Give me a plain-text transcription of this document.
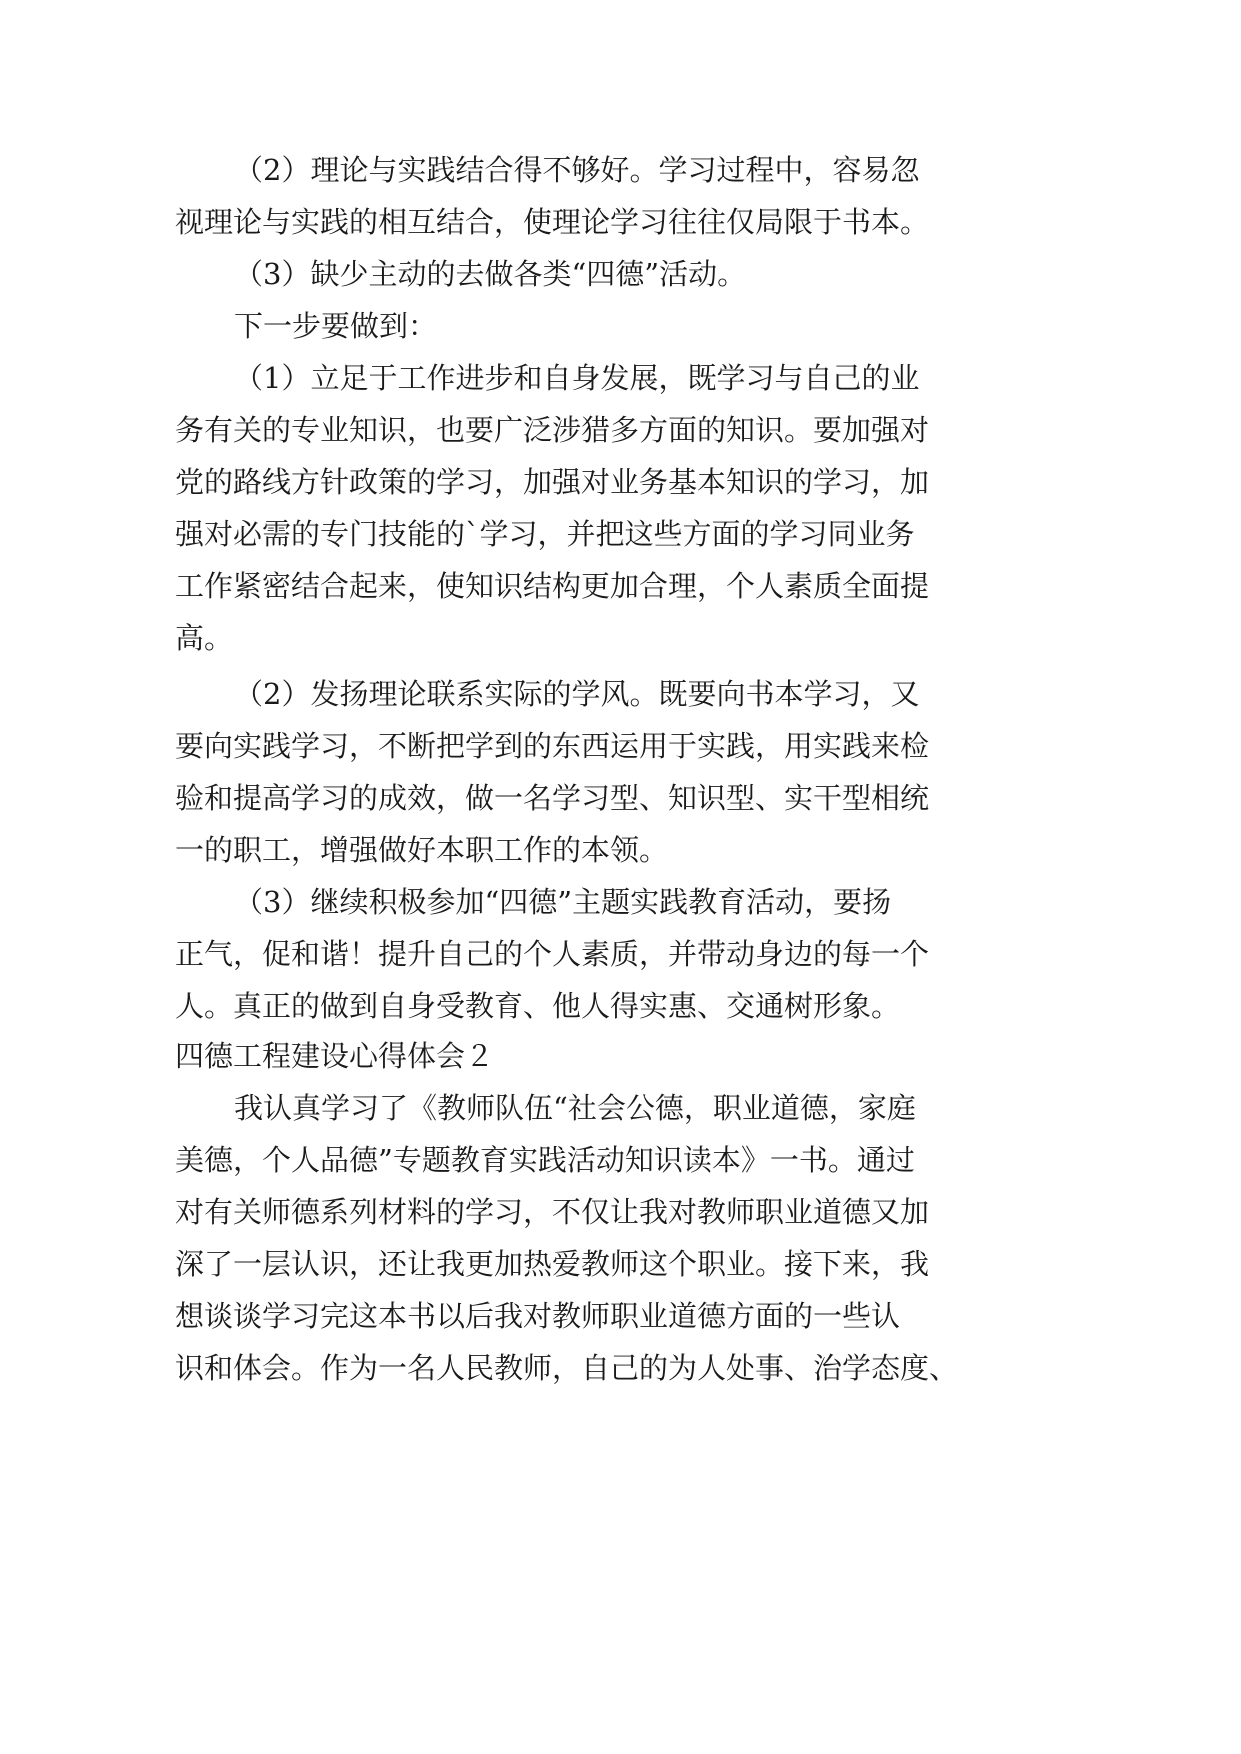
（2）理论与实践结合得不够好。学习过程中，容易忽
视理论与实践的相互结合，使理论学习往往仅局限于书本。
（3）缺少主动的去做各类“四德”活动。
下一步要做到：
（1）立足于工作进步和自身发展，既学习与自己的业
务有关的专业知识，也要广泛涉猎多方面的知识。要加强对
党的路线方针政策的学习，加强对业务基本知识的学习，加
强对必需的专门技能的`学习，并把这些方面的学习同业务
工作紧密结合起来，使知识结构更加合理，个人素质全面提
高。
（2）发扬理论联系实际的学风。既要向书本学习，又
要向实践学习，不断把学到的东西运用于实践，用实践来检
验和提高学习的成效，做一名学习型、知识型、实干型相统
一的职工，增强做好本职工作的本领。
（3）继续积极参加“四德”主题实践教育活动，要扬
正气，促和谐！提升自己的个人素质，并带动身边的每一个
人。真正的做到自身受教育、他人得实惠、交通树形象。
四德工程建设心得体会２
我认真学习了《教师队伍“社会公德，职业道德，家庭
美德，个人品德”专题教育实践活动知识读本》一书。通过
对有关师德系列材料的学习，不仅让我对教师职业道德又加
深了一层认识，还让我更加热爱教师这个职业。接下来，我
想谈谈学习完这本书以后我对教师职业道德方面的一些认
识和体会。作为一名人民教师，自己的为人处事、治学态度、
